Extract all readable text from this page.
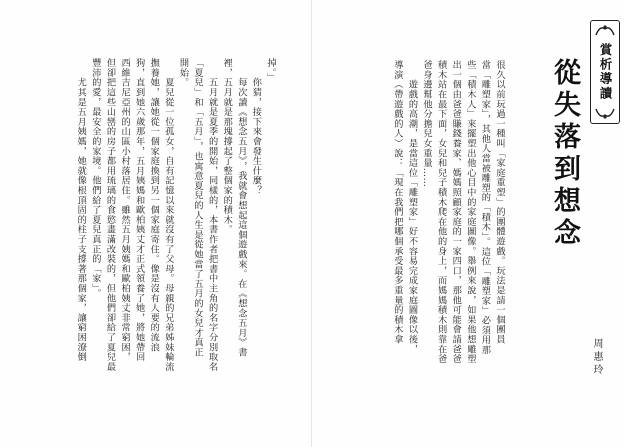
掉。」
　　你猜，接下來會發生什麼？
　　每次讀《想念五月》，我就會想起這個遊戲來。在《想念五月》書
裡，五月就是那塊撐起了整個家的積木。
　　五月就是夏季的開始，同樣的，本書作者把書中主角的名字分別取名
「夏兒」和「五月」，也寓意夏兒的人生是從她當了五月的女兒才真正
開始。
　　夏兒從一位孤女，自有記憶以來就沒有了父母。母親的兄弟姊妹輪流
撫養她，讓她從一個家庭換到另一個家庭寄住。像是沒有人要的流浪
狗，直到她六歲那年，五月姨媽和歐柏姨丈才正式領養了她，將她帶回
西維吉尼亞州的山區小村落居住。雖然五月姨媽和歐柏姨丈非常窮困，
但卻把這些山巒的房子都用琉璃的食慾畫滿改裝的，但他們卻給了夏兒最
豐沛的愛，最安全的家境。他們給了夏兒真正的「家」。
　　尤其是五月姨媽，她就像根頂固的柱子支撐著那個家，讓窮困潦倒
賞析導讀
從失落到想念
周惠玲
很久以前玩過一種叫「家庭重塑」的團體遊戲。玩法是請一個團員
當「雕塑家」，其他人當被雕塑的「積木」。這位「雕塑家」必須用那
些「積木人」來擺塑出他心目中的家庭圖像。舉例來說，如果他想雕塑
出一個由爸爸賺錢養家、媽媽照顧家庭的一家四口，那他可能會請爸爸
積木站在最下面，女兒和兒子積木爬在他的身上，而媽媽積木則靠在爸
爸身邊幫他分擔兒女重量……
　　遊戲的高潮，是當這位「雕塑家」好不容易完成家庭圖像以後，
導演（帶遊戲的人）說：「現在我們把哪個承受最多重量的積木拿
